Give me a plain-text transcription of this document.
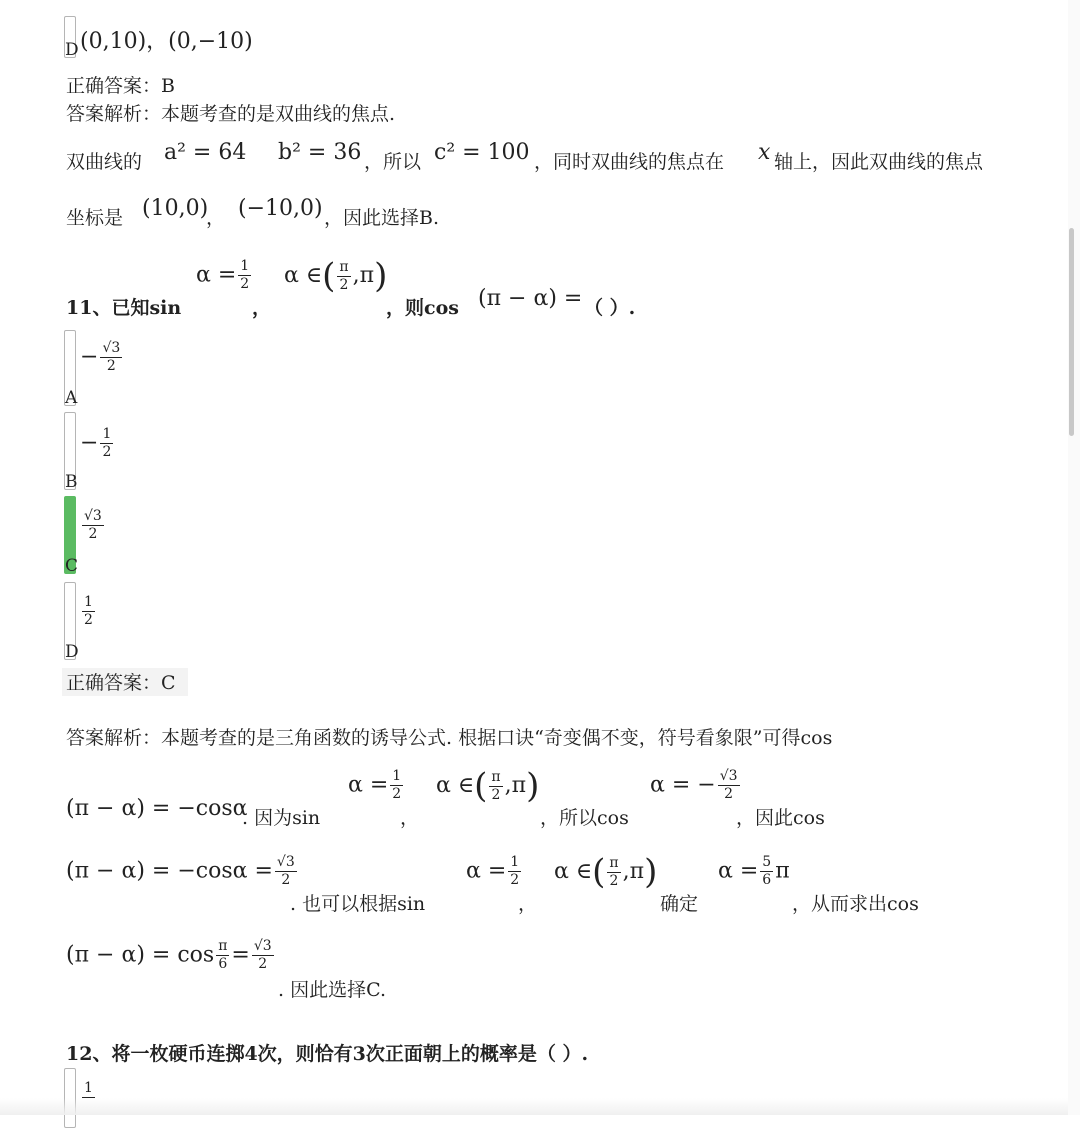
D (0,10)，(0,−10)
正确答案：B
答案解析：本题考查的是双曲线的焦点.
双曲线的 a² = 64 b² = 36 ，所以 c² = 100 ，同时双曲线的焦点在 x 轴上，因此双曲线的焦点
坐标是 (10,0)
， (−10,0) ，因此选择B.
11、已知sin
$\alpha = \frac{1}{2}$
，
α ∈( $\frac{\pi}{2} ,\pi$)
，则cos (π − α) = （ ）.
A
− $\frac{√3}{2}$
B
− $\frac{1}{2}$
C
$\frac{√3}{2}$
D
$\frac{1}{2}$
正确答案：C
答案解析：本题考查的是三角函数的诱导公式. 根据口诀“奇变偶不变，符号看象限”可得cos
(π − α) = −cosα
. 因为sin
$\alpha = \frac{1}{2}$
，
α ∈( $\frac{\pi}{2} ,\pi$)
，所以cos
α = − $\frac{√3}{2}$
，因此cos
$(\pi - \alpha) = -\cos\alpha = \frac{√3}{2}$
. 也可以根据sin
$\alpha = \frac{1}{2}$
，
α ∈( $\frac{\pi}{2} ,\pi$)
确定
$\alpha = \frac{5}{6}$ π
，从而求出cos
$(\pi - \alpha) = \cos \frac{\pi}{6} = \frac{√3}{2}$
. 因此选择C.
12、将一枚硬币连掷4次，则恰有3次正面朝上的概率是（ ）.
1
